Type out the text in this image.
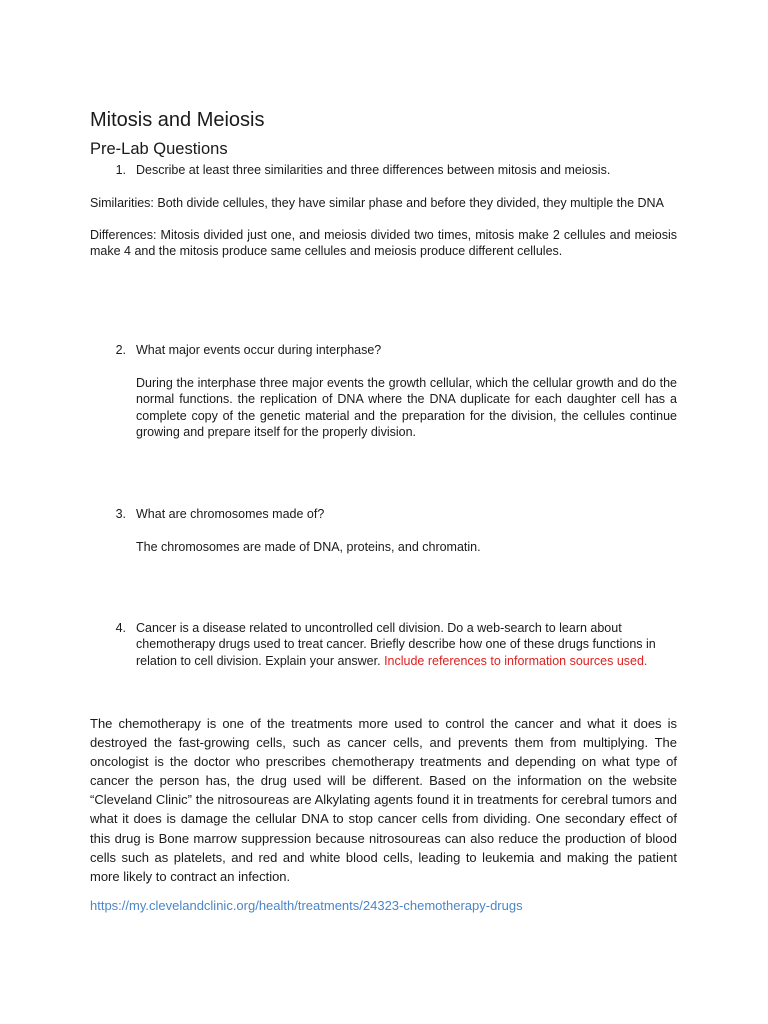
Mitosis and Meiosis
Pre-Lab Questions
1. Describe at least three similarities and three differences between mitosis and meiosis.

Similarities: Both divide cellules, they have similar phase and before they divided, they multiple the DNA

Differences: Mitosis divided just one, and meiosis divided two times, mitosis make 2 cellules and meiosis make 4 and the mitosis produce same cellules and meiosis produce different cellules.

2. What major events occur during interphase?

During the interphase three major events the growth cellular, which the cellular growth and do the normal functions. the replication of DNA where the DNA duplicate for each daughter cell has a complete copy of the genetic material and the preparation for the division, the cellules continue growing and prepare itself for the properly division.

3. What are chromosomes made of?

The chromosomes are made of DNA, proteins, and chromatin.

4. Cancer is a disease related to uncontrolled cell division. Do a web-search to learn about chemotherapy drugs used to treat cancer. Briefly describe how one of these drugs functions in relation to cell division. Explain your answer. Include references to information sources used.

The chemotherapy is one of the treatments more used to control the cancer and what it does is destroyed the fast-growing cells, such as cancer cells, and prevents them from multiplying. The oncologist is the doctor who prescribes chemotherapy treatments and depending on what type of cancer the person has, the drug used will be different. Based on the information on the website “Cleveland Clinic” the nitrosoureas are Alkylating agents found it in treatments for cerebral tumors and what it does is damage the cellular DNA to stop cancer cells from dividing. One secondary effect of this drug is Bone marrow suppression because nitrosoureas can also reduce the production of blood cells such as platelets, and red and white blood cells, leading to leukemia and making the patient more likely to contract an infection.

https://my.clevelandclinic.org/health/treatments/24323-chemotherapy-drugs
